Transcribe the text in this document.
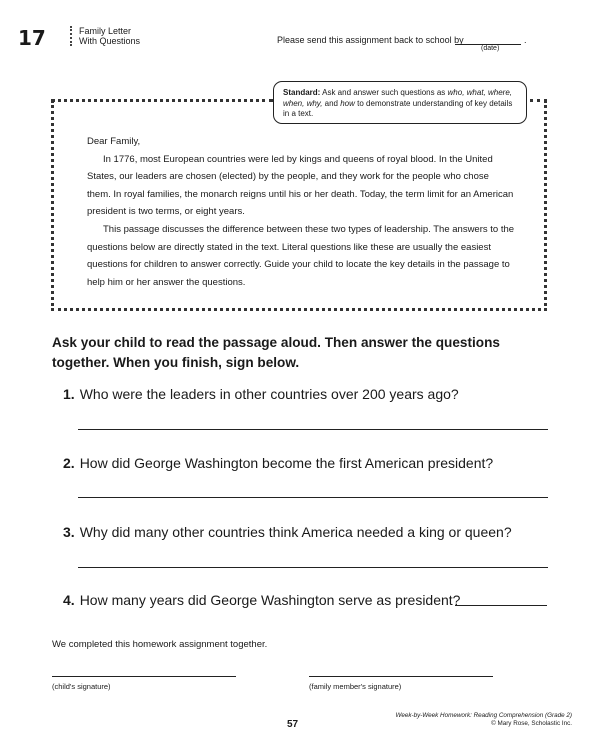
17	Family Letter
With Questions	Please send this assignment back to school by	.
(date)
Standard: Ask and answer such questions as who, what, where, when, why, and how to demonstrate understanding of key details in a text.

Dear Family,

In 1776, most European countries were led by kings and queens of royal blood. In the United States, our leaders are chosen (elected) by the people, and they work for the people who chose them. In royal families, the monarch reigns until his or her death. Today, the term limit for an American president is two terms, or eight years.

This passage discusses the difference between these two types of leadership. The answers to the questions below are directly stated in the text. Literal questions like these are usually the easiest questions for children to answer correctly. Guide your child to locate the key details in the passage to help him or her answer the questions.

Ask your child to read the passage aloud. Then answer the questions together. When you finish, sign below.
1. Who were the leaders in other countries over 200 years ago?
2. How did George Washington become the first American president?
3. Why did many other countries think America needed a king or queen?
4. How many years did George Washington serve as president?
We completed this homework assignment together.
(child's signature)	(family member's signature)
57
Week-by-Week Homework: Reading Comprehension (Grade 2)
© Mary Rose, Scholastic Inc.
